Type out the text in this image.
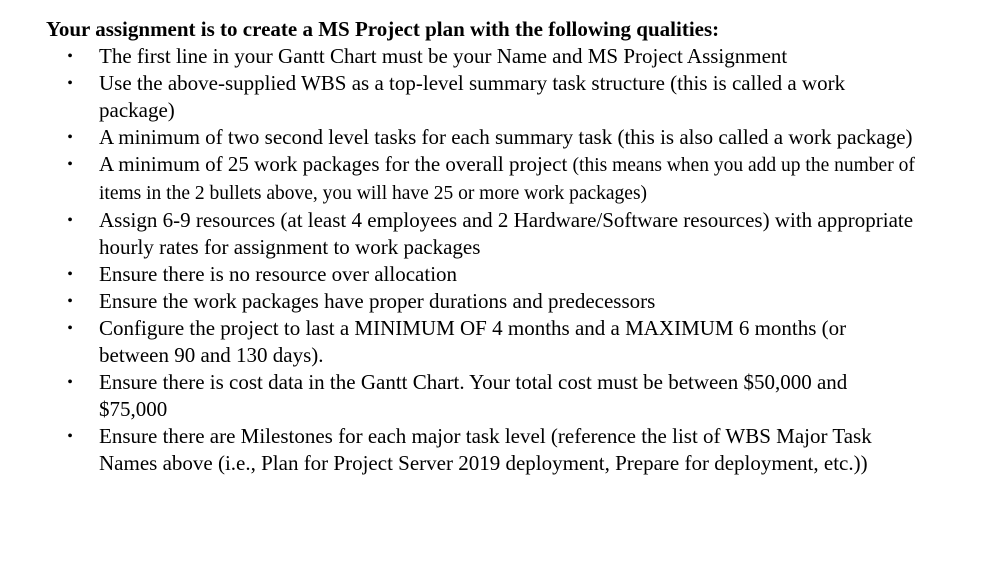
Your assignment is to create a MS Project plan with the following qualities:

•	The first line in your Gantt Chart must be your Name and MS Project Assignment
•	Use the above-supplied WBS as a top-level summary task structure (this is called a work package)
•	A minimum of two second level tasks for each summary task (this is also called a work package)
•	A minimum of 25 work packages for the overall project (this means when you add up the number of items in the 2 bullets above, you will have 25 or more work packages)
•	Assign 6-9 resources (at least 4 employees and 2 Hardware/Software resources) with appropriate hourly rates for assignment to work packages
•	Ensure there is no resource over allocation
•	Ensure the work packages have proper durations and predecessors
•	Configure the project to last a MINIMUM OF 4 months and a MAXIMUM 6 months (or between 90 and 130 days).
•	Ensure there is cost data in the Gantt Chart. Your total cost must be between $50,000 and $75,000
•	Ensure there are Milestones for each major task level (reference the list of WBS Major Task Names above (i.e., Plan for Project Server 2019 deployment, Prepare for deployment, etc.))
